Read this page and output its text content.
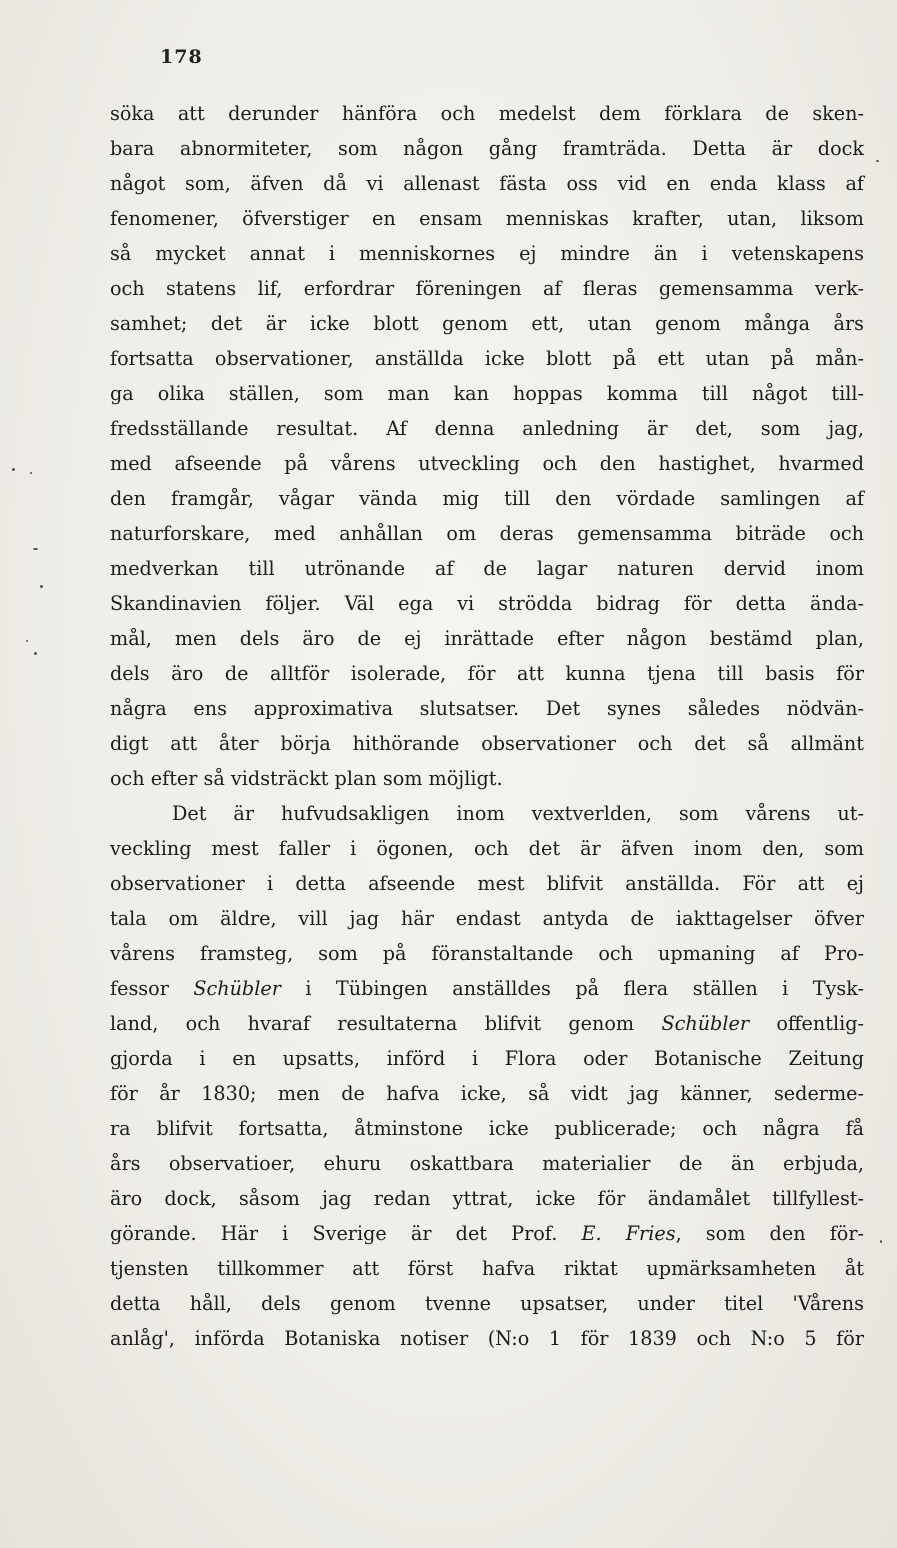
178
söka att derunder hänföra och medelst dem förklara de sken-
bara abnormiteter, som någon gång framträda. Detta är dock
något som, äfven då vi allenast fästa oss vid en enda klass af
fenomener, öfverstiger en ensam menniskas krafter, utan, liksom
så mycket annat i menniskornes ej mindre än i vetenskapens
och statens lif, erfordrar föreningen af fleras gemensamma verk-
samhet; det är icke blott genom ett, utan genom många års
fortsatta observationer, anställda icke blott på ett utan på mån-
ga olika ställen, som man kan hoppas komma till något till-
fredsställande resultat. Af denna anledning är det, som jag,
med afseende på vårens utveckling och den hastighet, hvarmed
den framgår, vågar vända mig till den vördade samlingen af
naturforskare, med anhållan om deras gemensamma biträde och
medverkan till utrönande af de lagar naturen dervid inom
Skandinavien följer. Väl ega vi strödda bidrag för detta ända-
mål, men dels äro de ej inrättade efter någon bestämd plan,
dels äro de alltför isolerade, för att kunna tjena till basis för
några ens approximativa slutsatser. Det synes således nödvän-
digt att åter börja hithörande observationer och det så allmänt
och efter så vidsträckt plan som möjligt.
Det är hufvudsakligen inom vextverlden, som vårens ut-
veckling mest faller i ögonen, och det är äfven inom den, som
observationer i detta afseende mest blifvit anställda. För att ej
tala om äldre, vill jag här endast antyda de iakttagelser öfver
vårens framsteg, som på föranstaltande och upmaning af Pro-
fessor Schübler i Tübingen anställdes på flera ställen i Tysk-
land, och hvaraf resultaterna blifvit genom Schübler offentlig-
gjorda i en upsatts, införd i Flora oder Botanische Zeitung
för år 1830; men de hafva icke, så vidt jag känner, sederme-
ra blifvit fortsatta, åtminstone icke publicerade; och några få
års observatioer, ehuru oskattbara materialier de än erbjuda,
äro dock, såsom jag redan yttrat, icke för ändamålet tillfyllest-
görande. Här i Sverige är det Prof. E. Fries, som den för-
tjensten tillkommer att först hafva riktat upmärksamheten åt
detta håll, dels genom tvenne upsatser, under titel 'Vårens
anlåg', införda Botaniska notiser (N:o 1 för 1839 och N:o 5 för
